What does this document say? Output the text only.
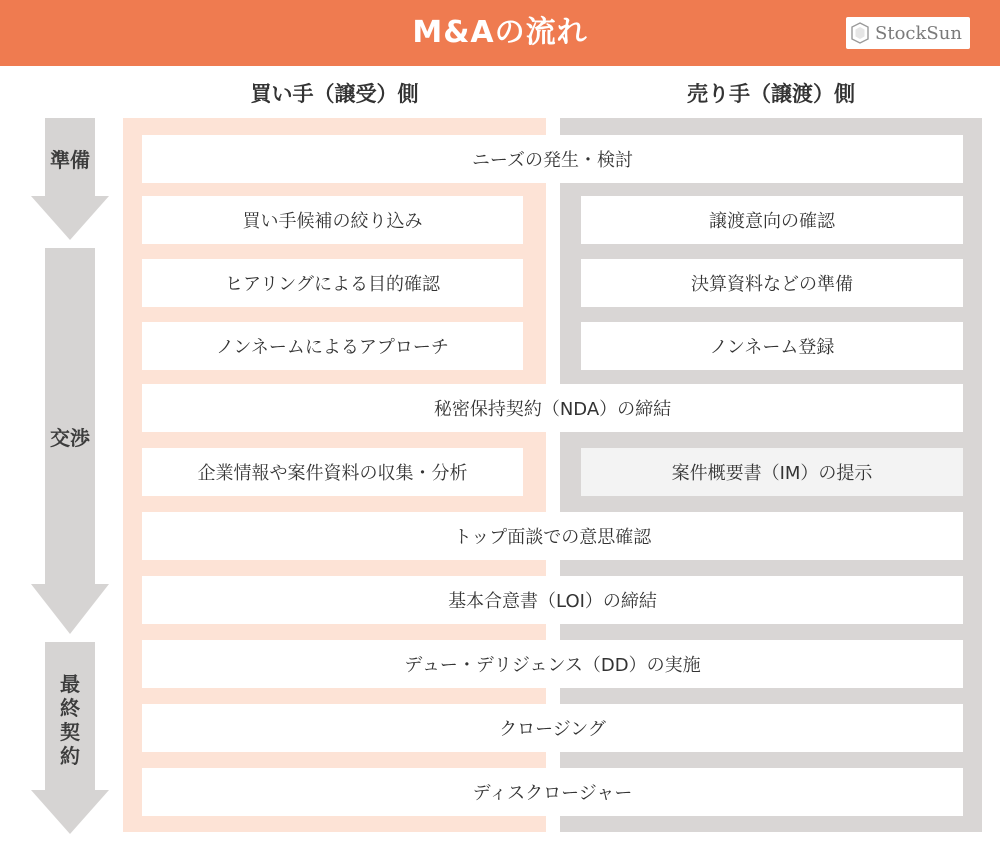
M&Aの流れ	StockSun
買い手（譲受）側	売り手（譲渡）側
準備
交渉
最終契約
ニーズの発生・検討
買い手候補の絞り込み	譲渡意向の確認
ヒアリングによる目的確認	決算資料などの準備
ノンネームによるアプローチ	ノンネーム登録
秘密保持契約（NDA）の締結
企業情報や案件資料の収集・分析	案件概要書（IM）の提示
トップ面談での意思確認
基本合意書（LOI）の締結
デュー・デリジェンス（DD）の実施
クロージング
ディスクロージャー
